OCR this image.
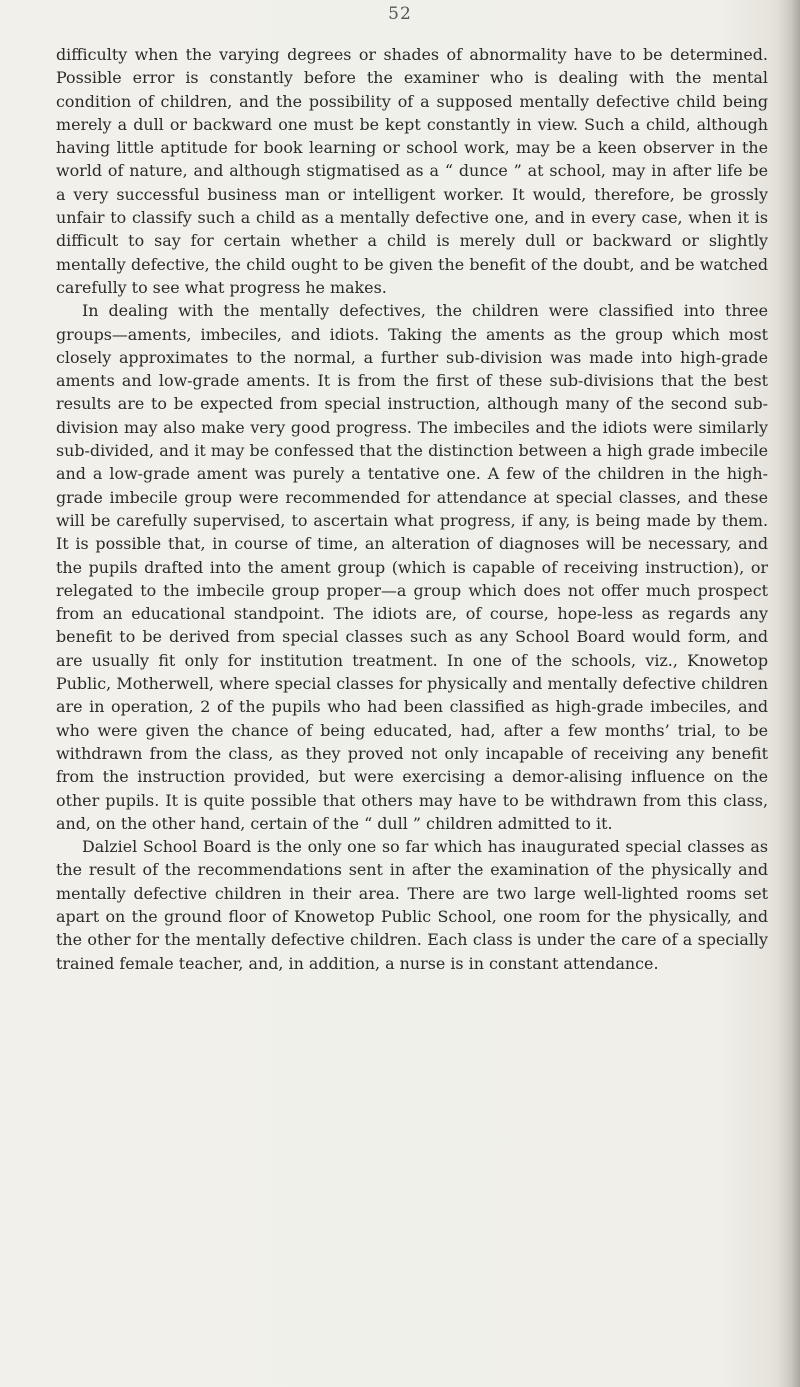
52

difficulty when the varying degrees or shades of abnormality have to be determined. Possible error is constantly before the examiner who is dealing with the mental condition of children, and the possibility of a supposed mentally defective child being merely a dull or backward one must be kept constantly in view. Such a child, although having little aptitude for book learning or school work, may be a keen observer in the world of nature, and although stigmatised as a “ dunce ” at school, may in after life be a very successful business man or intelligent worker. It would, therefore, be grossly unfair to classify such a child as a mentally defective one, and in every case, when it is difficult to say for certain whether a child is merely dull or backward or slightly mentally defective, the child ought to be given the benefit of the doubt, and be watched carefully to see what progress he makes.

In dealing with the mentally defectives, the children were classified into three groups—aments, imbeciles, and idiots. Taking the aments as the group which most closely approximates to the normal, a further sub-division was made into high-grade aments and low-grade aments. It is from the first of these sub-divisions that the best results are to be expected from special instruction, although many of the second sub-division may also make very good progress. The imbeciles and the idiots were similarly sub-divided, and it may be confessed that the distinction between a high grade imbecile and a low-grade ament was purely a tentative one. A few of the children in the high-grade imbecile group were recommended for attendance at special classes, and these will be carefully supervised, to ascertain what progress, if any, is being made by them. It is possible that, in course of time, an alteration of diagnoses will be necessary, and the pupils drafted into the ament group (which is capable of receiving instruction), or relegated to the imbecile group proper—a group which does not offer much prospect from an educational standpoint. The idiots are, of course, hope-less as regards any benefit to be derived from special classes such as any School Board would form, and are usually fit only for institution treatment. In one of the schools, viz., Knowetop Public, Motherwell, where special classes for physically and mentally defective children are in operation, 2 of the pupils who had been classified as high-grade imbeciles, and who were given the chance of being educated, had, after a few months’ trial, to be withdrawn from the class, as they proved not only incapable of receiving any benefit from the instruction provided, but were exercising a demor-alising influence on the other pupils. It is quite possible that others may have to be withdrawn from this class, and, on the other hand, certain of the “ dull ” children admitted to it.

Dalziel School Board is the only one so far which has inaugurated special classes as the result of the recommendations sent in after the examination of the physically and mentally defective children in their area. There are two large well-lighted rooms set apart on the ground floor of Knowetop Public School, one room for the physically, and the other for the mentally defective children. Each class is under the care of a specially trained female teacher, and, in addition, a nurse is in constant attendance.
